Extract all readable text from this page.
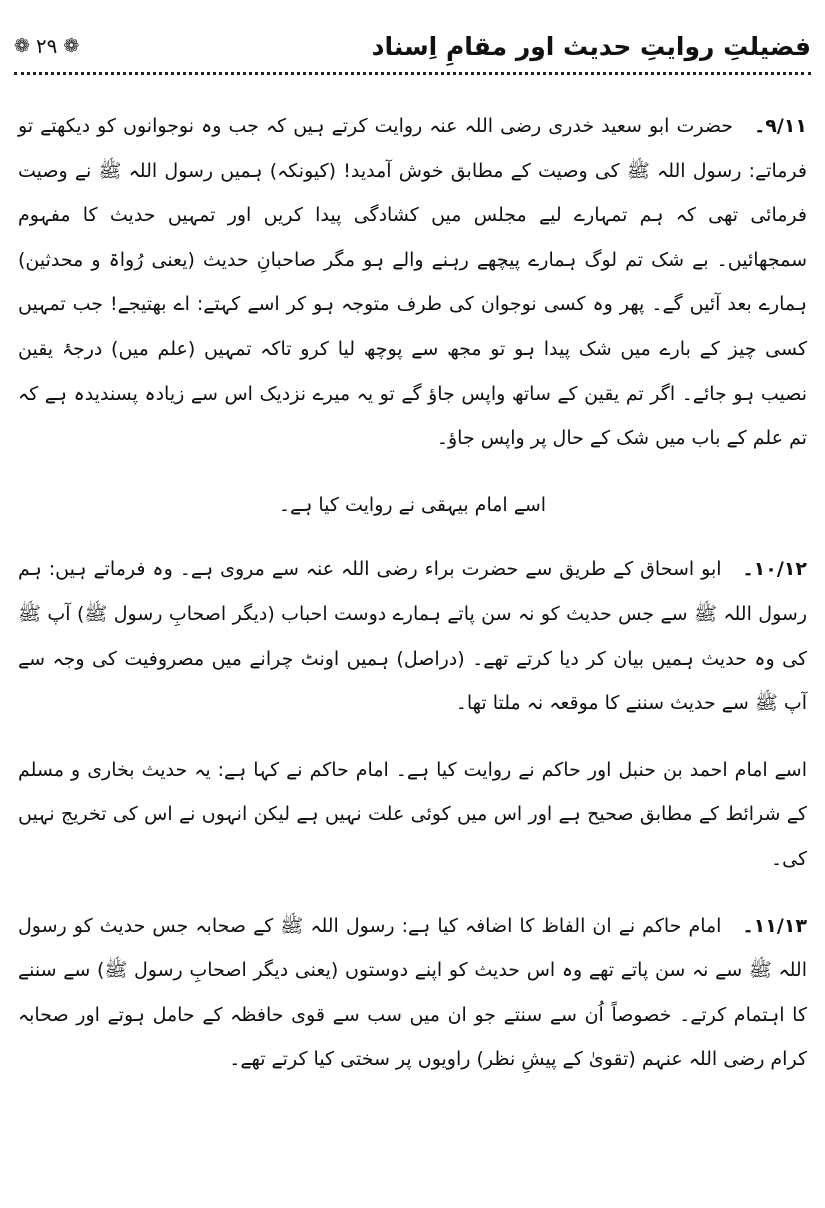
فضیلتِ روایتِ حدیث اور مقامِ اِسناد
❁ ۲۹ ❁

۹/۱۱۔ حضرت ابو سعید خدری رضی اللہ عنہ روایت کرتے ہیں کہ جب وہ نوجوانوں کو دیکھتے تو فرماتے: رسول اللہ ﷺ کی وصیت کے مطابق خوش آمدید! (کیونکہ) ہمیں رسول اللہ ﷺ نے وصیت فرمائی تھی کہ ہم تمہارے لیے مجلس میں کشادگی پیدا کریں اور تمہیں حدیث کا مفہوم سمجھائیں۔ بے شک تم لوگ ہمارے پیچھے رہنے والے ہو مگر صاحبانِ حدیث (یعنی رُواۃ و محدثین) ہمارے بعد آئیں گے۔ پھر وہ کسی نوجوان کی طرف متوجہ ہو کر اسے کہتے: اے بھتیجے! جب تمہیں کسی چیز کے بارے میں شک پیدا ہو تو مجھ سے پوچھ لیا کرو تاکہ تمہیں (علم میں) درجۂ یقین نصیب ہو جائے۔ اگر تم یقین کے ساتھ واپس جاؤ گے تو یہ میرے نزدیک اس سے زیادہ پسندیدہ ہے کہ تم علم کے باب میں شک کے حال پر واپس جاؤ۔

اسے امام بیہقی نے روایت کیا ہے۔

۱۰/۱۲۔ ابو اسحاق کے طریق سے حضرت براء رضی اللہ عنہ سے مروی ہے۔ وہ فرماتے ہیں: ہم رسول اللہ ﷺ سے جس حدیث کو نہ سن پاتے ہمارے دوست احباب (دیگر اصحابِ رسول ﷺ) آپ ﷺ کی وہ حدیث ہمیں بیان کر دیا کرتے تھے۔ (دراصل) ہمیں اونٹ چرانے میں مصروفیت کی وجہ سے آپ ﷺ سے حدیث سننے کا موقعہ نہ ملتا تھا۔

اسے امام احمد بن حنبل اور حاکم نے روایت کیا ہے۔ امام حاکم نے کہا ہے: یہ حدیث بخاری و مسلم کے شرائط کے مطابق صحیح ہے اور اس میں کوئی علت نہیں ہے لیکن انہوں نے اس کی تخریج نہیں کی۔

۱۱/۱۳۔ امام حاکم نے ان الفاظ کا اضافہ کیا ہے: رسول اللہ ﷺ کے صحابہ جس حدیث کو رسول اللہ ﷺ سے نہ سن پاتے تھے وہ اس حدیث کو اپنے دوستوں (یعنی دیگر اصحابِ رسول ﷺ) سے سننے کا اہتمام کرتے۔ خصوصاً اُن سے سنتے جو ان میں سب سے قوی حافظہ کے حامل ہوتے اور صحابہ کرام رضی اللہ عنہم (تقویٰ کے پیشِ نظر) راویوں پر سختی کیا کرتے تھے۔
